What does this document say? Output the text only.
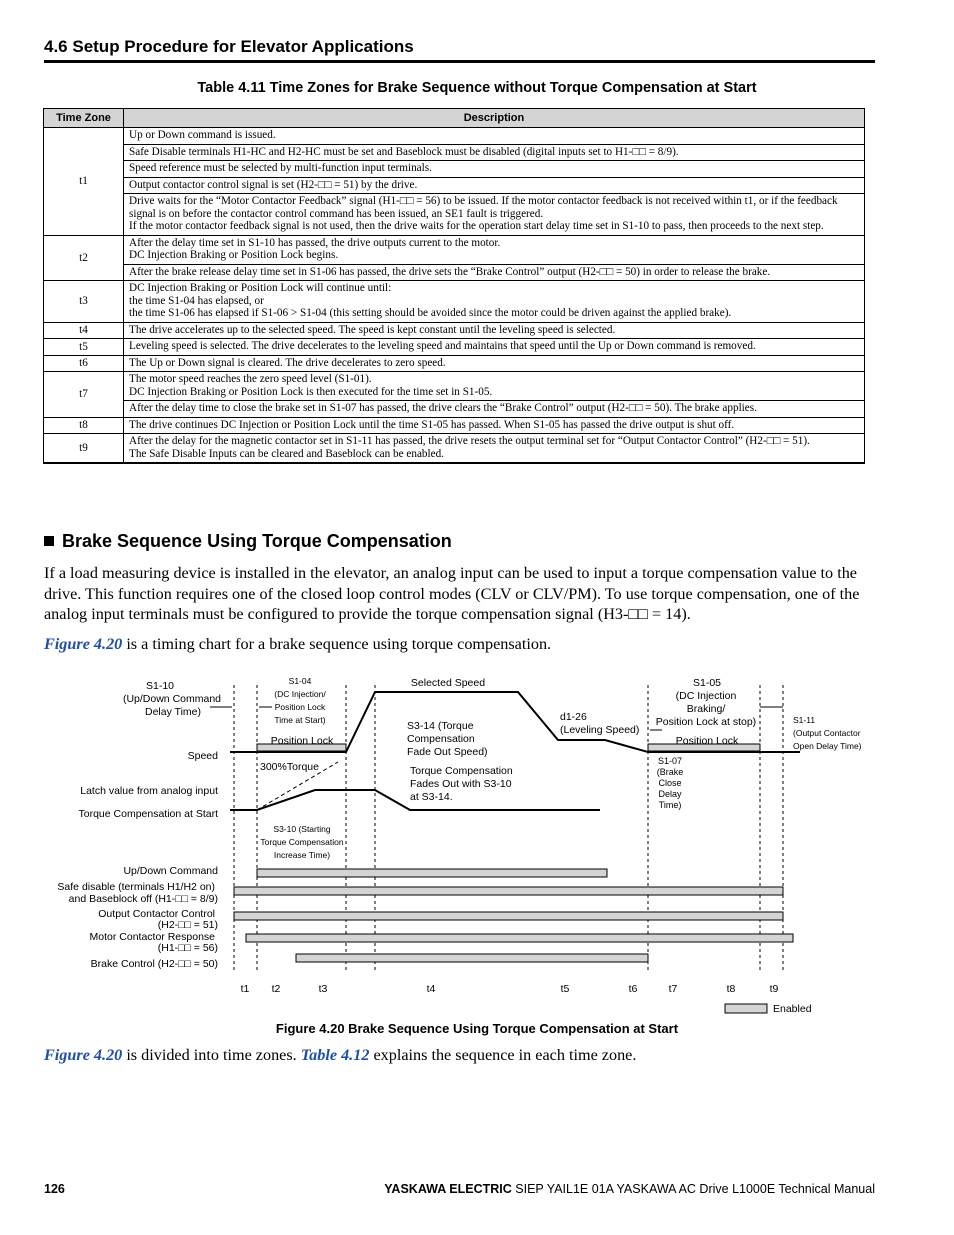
4.6 Setup Procedure for Elevator Applications
Table 4.11 Time Zones for Brake Sequence without Torque Compensation at Start
Time Zone	Description
t1	Up or Down command is issued.
	Safe Disable terminals H1-HC and H2-HC must be set and Baseblock must be disabled (digital inputs set to H1-□□ = 8/9).
	Speed reference must be selected by multi-function input terminals.
	Output contactor control signal is set (H2-□□ = 51) by the drive.
	Drive waits for the “Motor Contactor Feedback” signal (H1-□□ = 56) to be issued. If the motor contactor feedback is not received within t1, or if the feedback signal is on before the contactor control command has been issued, an SE1 fault is triggered.
If the motor contactor feedback signal is not used, then the drive waits for the operation start delay time set in S1-10 to pass, then proceeds to the next step.
t2	After the delay time set in S1-10 has passed, the drive outputs current to the motor.
DC Injection Braking or Position Lock begins.
	After the brake release delay time set in S1-06 has passed, the drive sets the “Brake Control” output (H2-□□ = 50) in order to release the brake.
t3	DC Injection Braking or Position Lock will continue until:
the time S1-04 has elapsed, or
the time S1-06 has elapsed if S1-06 > S1-04 (this setting should be avoided since the motor could be driven against the applied brake).
t4	The drive accelerates up to the selected speed. The speed is kept constant until the leveling speed is selected.
t5	Leveling speed is selected. The drive decelerates to the leveling speed and maintains that speed until the Up or Down command is removed.
t6	The Up or Down signal is cleared. The drive decelerates to zero speed.
t7	The motor speed reaches the zero speed level (S1-01).
DC Injection Braking or Position Lock is then executed for the time set in S1-05.
	After the delay time to close the brake set in S1-07 has passed, the drive clears the “Brake Control” output (H2-□□ = 50). The brake applies.
t8	The drive continues DC Injection or Position Lock until the time S1-05 has passed. When S1-05 has passed the drive output is shut off.
t9	After the delay for the magnetic contactor set in S1-11 has passed, the drive resets the output terminal set for “Output Contactor Control” (H2-□□ = 51).
The Safe Disable Inputs can be cleared and Baseblock can be enabled.
Brake Sequence Using Torque Compensation
If a load measuring device is installed in the elevator, an analog input can be used to input a torque compensation value to the drive. This function requires one of the closed loop control modes (CLV or CLV/PM). To use torque compensation, one of the analog input terminals must be configured to provide the torque compensation signal (H3-□□ = 14).
Figure 4.20 is a timing chart for a brake sequence using torque compensation.
S1-10
(Up/Down Command
Delay Time)
S1-04
(DC Injection/
Position Lock
Time at Start)
Selected Speed	S1-05
(DC Injection
Braking/
Position Lock at stop)	S1-11
(Output Contactor
Open Delay Time)
S3-14 (Torque
Compensation
Fade Out Speed)
d1-26
(Leveling Speed)
Position Lock	Position Lock
Speed
300%Torque
Latch value from analog input
Torque Compensation at Start
Torque Compensation
Fades Out with S3-10
at S3-14.
S1-07
(Brake
Close
Delay
Time)
S3-10 (Starting
Torque Compensation
Increase Time)
Up/Down Command
Safe disable (terminals H1/H2 on)
and Baseblock off (H1-□□ = 8/9)
Output Contactor Control
(H2-□□ = 51)
Motor Contactor Response
(H1-□□ = 56)
Brake Control (H2-□□ = 50)
Enabled
t1 t2	t3	t4	t5	t6	t7	t8	t9
Figure 4.20 Brake Sequence Using Torque Compensation at Start
Figure 4.20 is divided into time zones. Table 4.12 explains the sequence in each time zone.
126	YASKAWA ELECTRIC SIEP YAIL1E 01A YASKAWA AC Drive L1000E Technical Manual
